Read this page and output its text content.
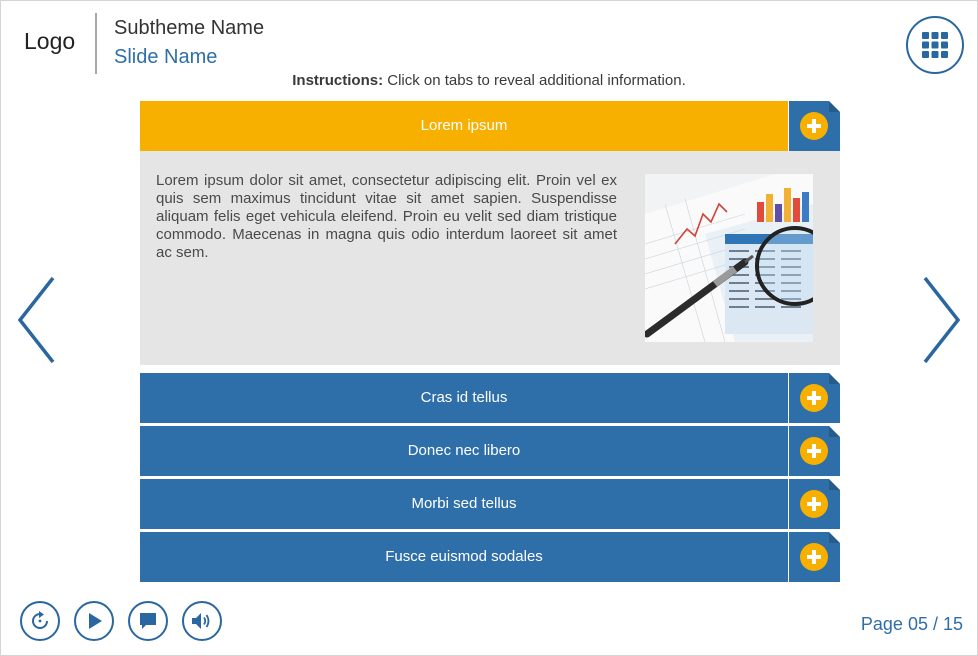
Logo Subtheme Name
Slide Name
Instructions: Click on tabs to reveal additional information.
Lorem ipsum
Lorem ipsum dolor sit amet, consectetur adipiscing elit. Proin vel ex quis sem maximus tincidunt vitae sit amet sapien. Suspendisse aliquam felis eget vehicula eleifend. Proin eu velit sed diam tristique commodo. Maecenas in magna quis odio interdum laoreet sit amet ac sem.
Cras id tellus
Donec nec libero
Morbi sed tellus
Fusce euismod sodales
Page 05 / 15
